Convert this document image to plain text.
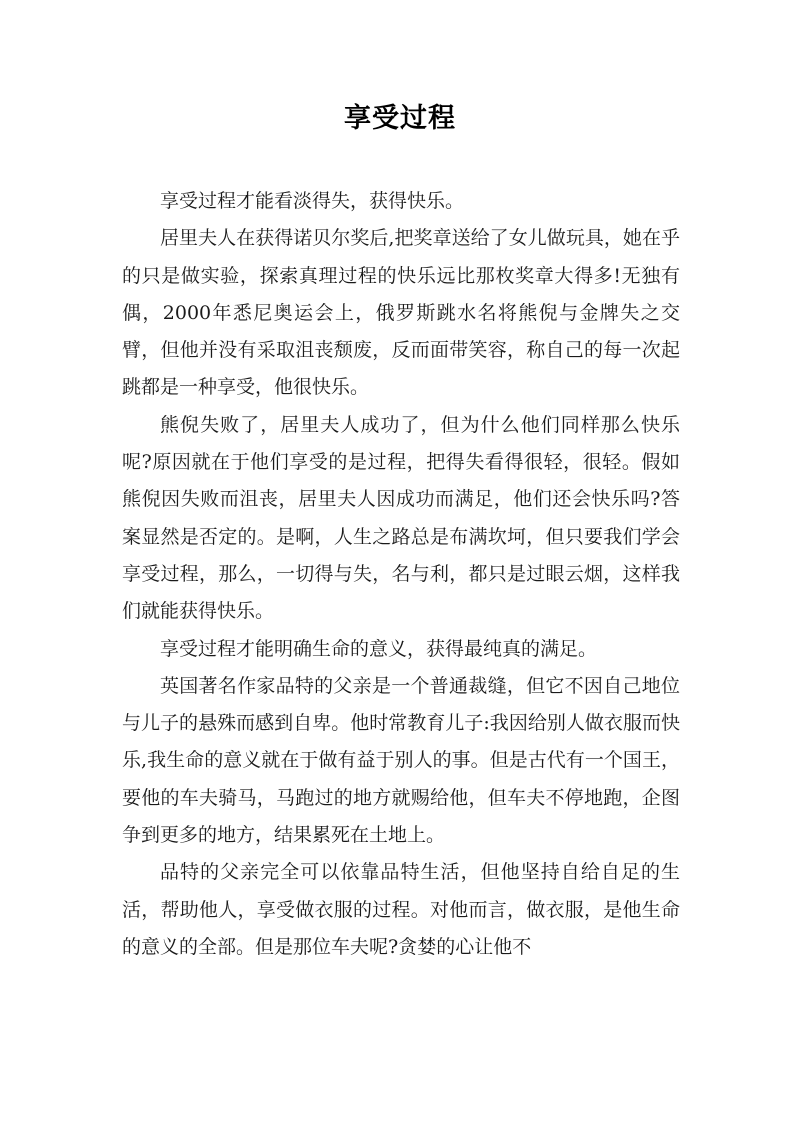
享受过程

享受过程才能看淡得失，获得快乐。

居里夫人在获得诺贝尔奖后,把奖章送给了女儿做玩具，她在乎的只是做实验，探索真理过程的快乐远比那枚奖章大得多!无独有偶，2000年悉尼奥运会上，俄罗斯跳水名将熊倪与金牌失之交臂，但他并没有采取沮丧颓废，反而面带笑容，称自己的每一次起跳都是一种享受，他很快乐。

熊倪失败了，居里夫人成功了，但为什么他们同样那么快乐呢?原因就在于他们享受的是过程，把得失看得很轻，很轻。假如熊倪因失败而沮丧，居里夫人因成功而满足，他们还会快乐吗?答案显然是否定的。是啊，人生之路总是布满坎坷，但只要我们学会享受过程，那么，一切得与失，名与利，都只是过眼云烟，这样我们就能获得快乐。

享受过程才能明确生命的意义，获得最纯真的满足。

英国著名作家品特的父亲是一个普通裁缝，但它不因自己地位与儿子的悬殊而感到自卑。他时常教育儿子:我因给别人做衣服而快乐,我生命的意义就在于做有益于别人的事。但是古代有一个国王，要他的车夫骑马，马跑过的地方就赐给他，但车夫不停地跑，企图争到更多的地方，结果累死在土地上。

品特的父亲完全可以依靠品特生活，但他坚持自给自足的生活，帮助他人，享受做衣服的过程。对他而言，做衣服，是他生命的意义的全部。但是那位车夫呢?贪婪的心让他不
